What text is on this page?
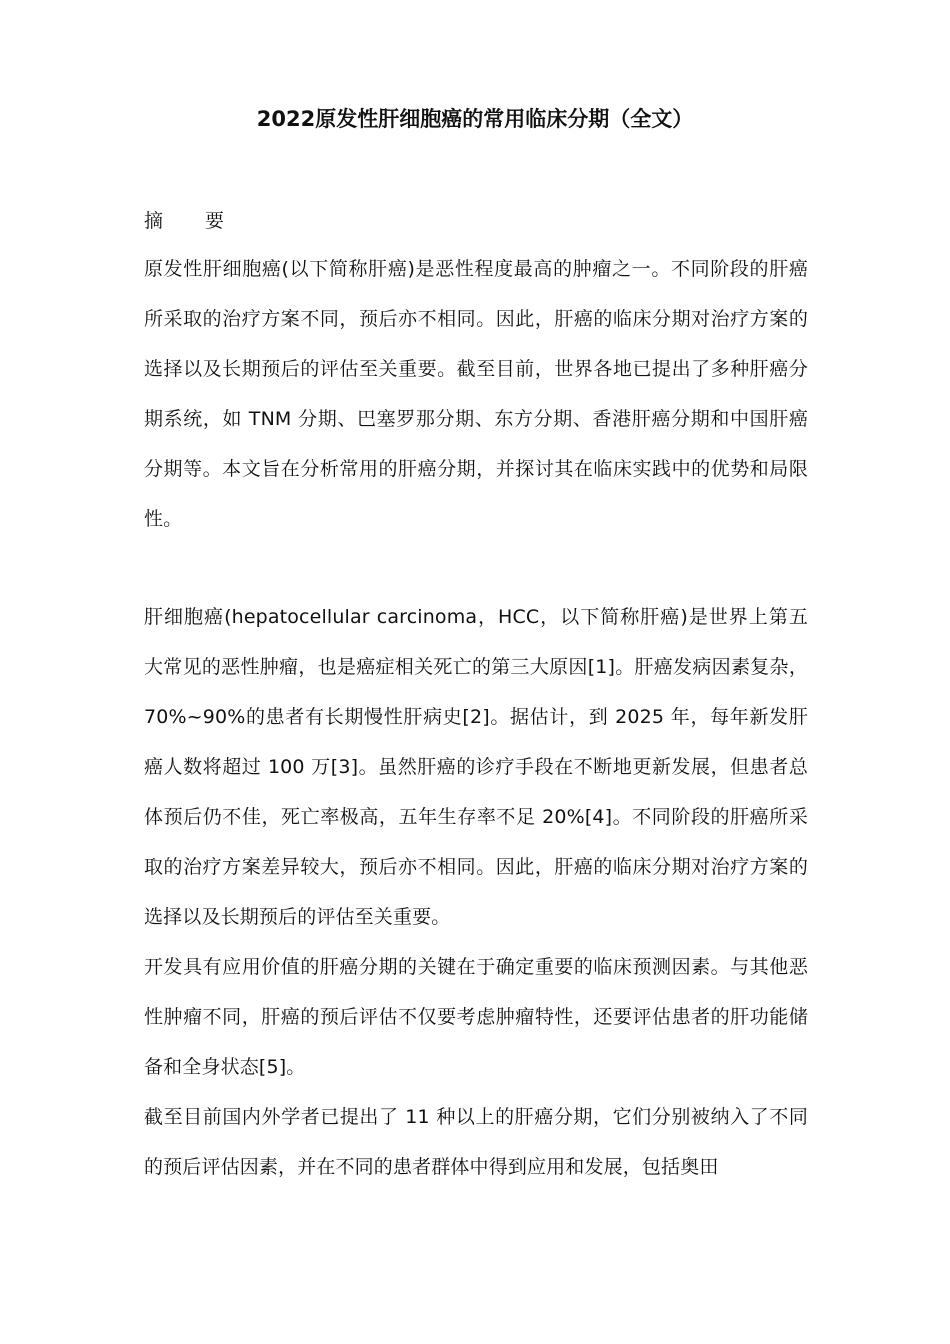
2022原发性肝细胞癌的常用临床分期（全文）

摘 要

原发性肝细胞癌(以下简称肝癌)是恶性程度最高的肿瘤之一。不同阶段的肝癌所采取的治疗方案不同，预后亦不相同。因此，肝癌的临床分期对治疗方案的选择以及长期预后的评估至关重要。截至目前，世界各地已提出了多种肝癌分期系统，如 TNM 分期、巴塞罗那分期、东方分期、香港肝癌分期和中国肝癌分期等。本文旨在分析常用的肝癌分期，并探讨其在临床实践中的优势和局限性。

肝细胞癌(hepatocellular carcinoma，HCC，以下简称肝癌)是世界上第五大常见的恶性肿瘤，也是癌症相关死亡的第三大原因[1]。肝癌发病因素复杂，70%~90%的患者有长期慢性肝病史[2]。据估计，到 2025 年，每年新发肝癌人数将超过 100 万[3]。虽然肝癌的诊疗手段在不断地更新发展，但患者总体预后仍不佳，死亡率极高，五年生存率不足 20%[4]。不同阶段的肝癌所采取的治疗方案差异较大，预后亦不相同。因此，肝癌的临床分期对治疗方案的选择以及长期预后的评估至关重要。

开发具有应用价值的肝癌分期的关键在于确定重要的临床预测因素。与其他恶性肿瘤不同，肝癌的预后评估不仅要考虑肿瘤特性，还要评估患者的肝功能储备和全身状态[5]。

截至目前国内外学者已提出了 11 种以上的肝癌分期，它们分别被纳入了不同的预后评估因素，并在不同的患者群体中得到应用和发展，包括奥田
